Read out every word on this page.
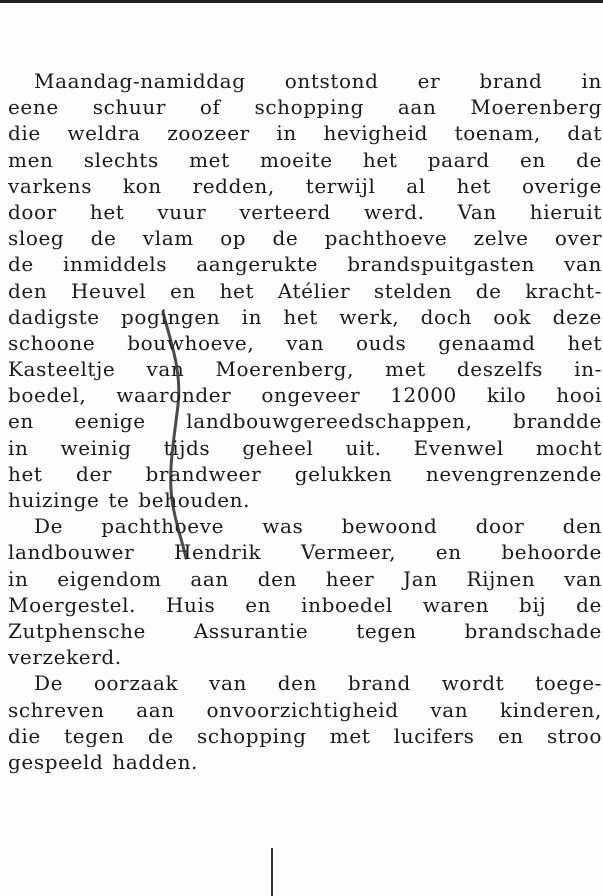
Maandag-namiddag ontstond er brand in
eene schuur of schopping aan Moerenberg
die weldra zoozeer in hevigheid toenam, dat
men slechts met moeite het paard en de
varkens kon redden, terwijl al het overige
door het vuur verteerd werd. Van hieruit
sloeg de vlam op de pachthoeve zelve over
de inmiddels aangerukte brandspuitgasten van
den Heuvel en het Atélier stelden de kracht-
dadigste pogingen in het werk, doch ook deze
schoone bouwhoeve, van ouds genaamd het
Kasteeltje van Moerenberg, met deszelfs in-
boedel, waaronder ongeveer 12000 kilo hooi
en eenige landbouwgereedschappen, brandde
in weinig tijds geheel uit. Evenwel mocht
het der brandweer gelukken nevengrenzende
huizinge te behouden.
De pachthoeve was bewoond door den
landbouwer Hendrik Vermeer, en behoorde
in eigendom aan den heer Jan Rijnen van
Moergestel. Huis en inboedel waren bij de
Zutphensche Assurantie tegen brandschade
verzekerd.
De oorzaak van den brand wordt toege-
schreven aan onvoorzichtigheid van kinderen,
die tegen de schopping met lucifers en stroo
gespeeld hadden.
